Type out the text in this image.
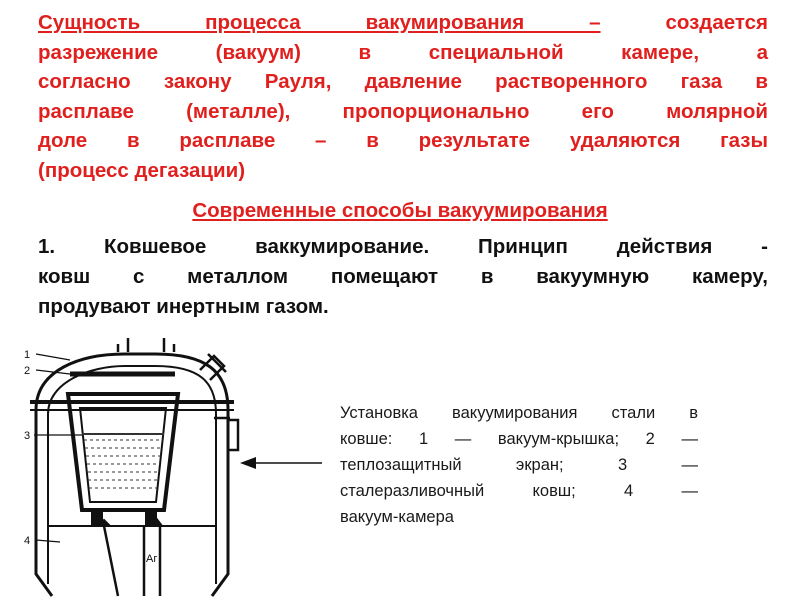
Сущность процесса вакумирования –	создается
разрежение (вакуум) в специальной камере, а
согласно закону Рауля, давление растворенного газа в
расплаве (металле), пропорционально его молярной
доле в расплаве – в результате удаляются газы
(процесс дегазации)
Современные способы вакуумирования
1. Ковшевое ваккумирование. Принцип действия -
ковш с металлом помещают в вакуумную камеру,
продувают инертным газом.
1
2
3
4
Аг
Установка вакуумирования стали в
ковше: 1 — вакуум-крышка; 2 —
теплозащитный экран; 3 —
сталеразливочный ковш; 4 —
вакуум-камера
